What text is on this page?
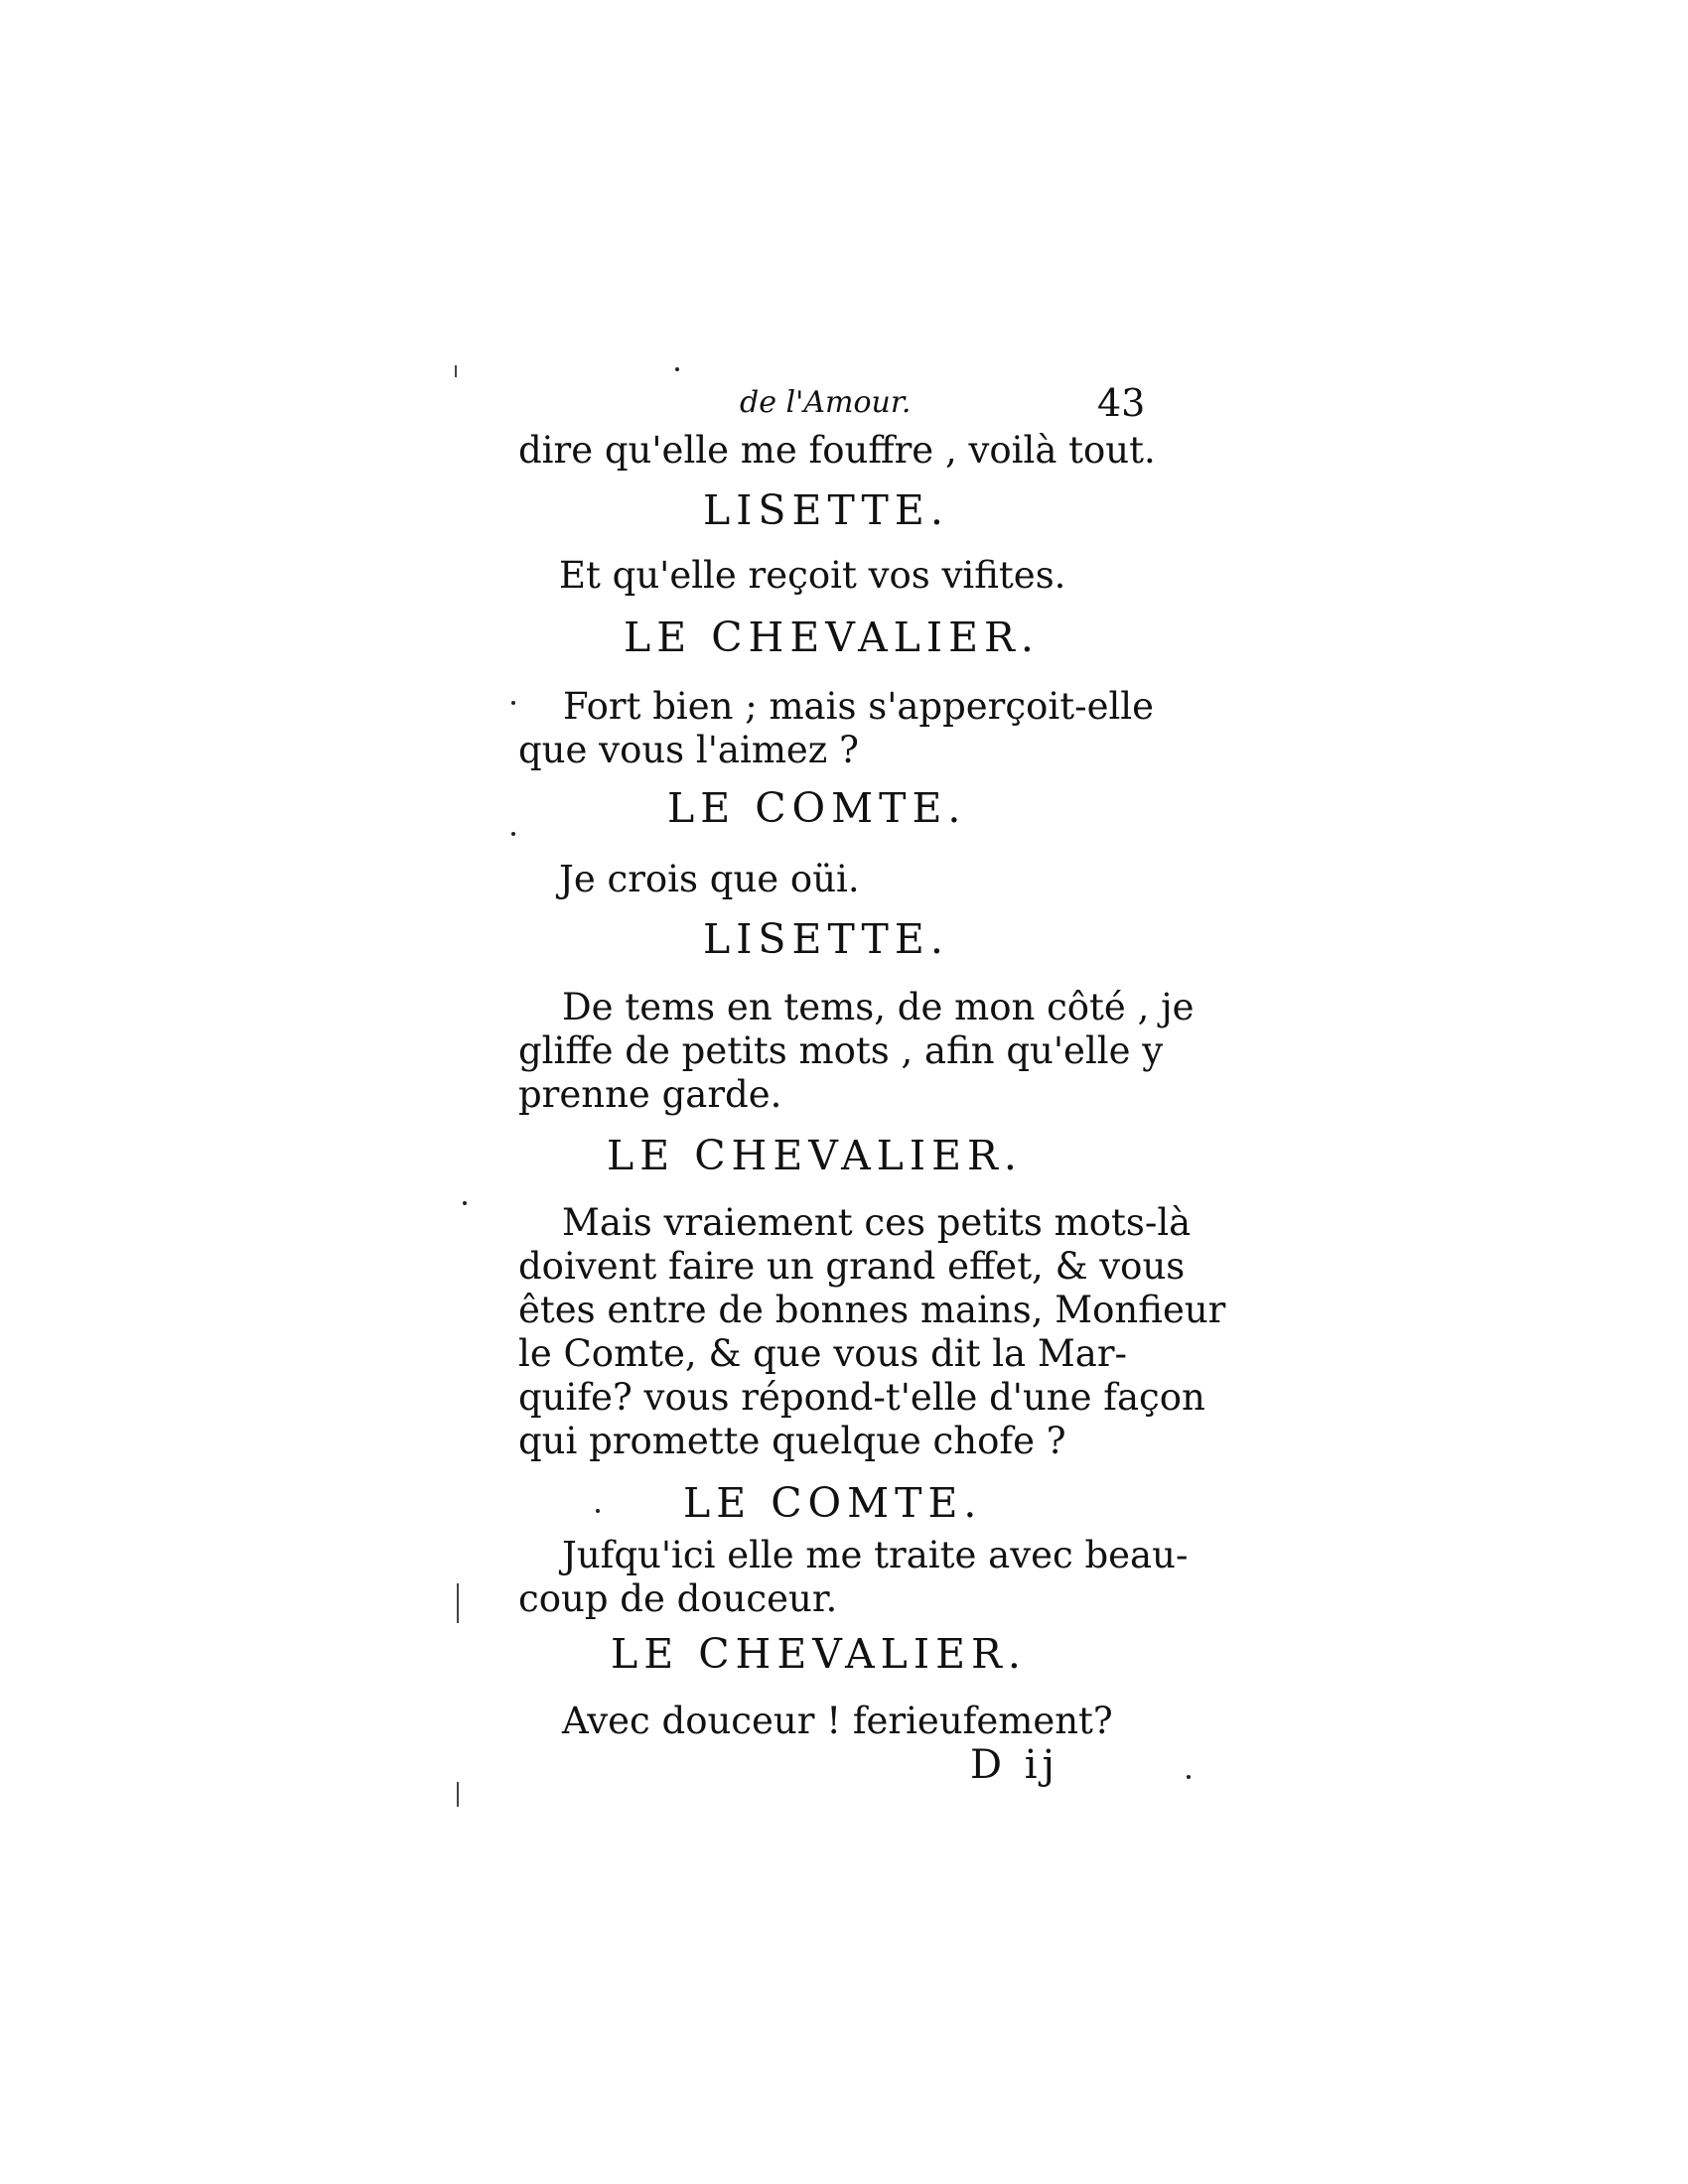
de l'Amour.	43
dire qu'elle me fouffre , voilà tout.
LISETTE.
Et qu'elle reçoit vos vifites.
LE CHEVALIER.
Fort bien ; mais s'apperçoit-elle
que vous l'aimez ?
LE COMTE.
Je crois que oüi.
LISETTE.
De tems en tems, de mon côté , je
gliffe de petits mots , afin qu'elle y
prenne garde.
LE CHEVALIER.
Mais vraiement ces petits mots-là
doivent faire un grand effet, & vous
êtes entre de bonnes mains, Monfieur
le Comte, & que vous dit la Mar-
quife? vous répond-t'elle d'une façon
qui promette quelque chofe ?
LE COMTE.
Jufqu'ici elle me traite avec beau-
coup de douceur.
LE CHEVALIER.
Avec douceur ! ferieufement?
D ij
